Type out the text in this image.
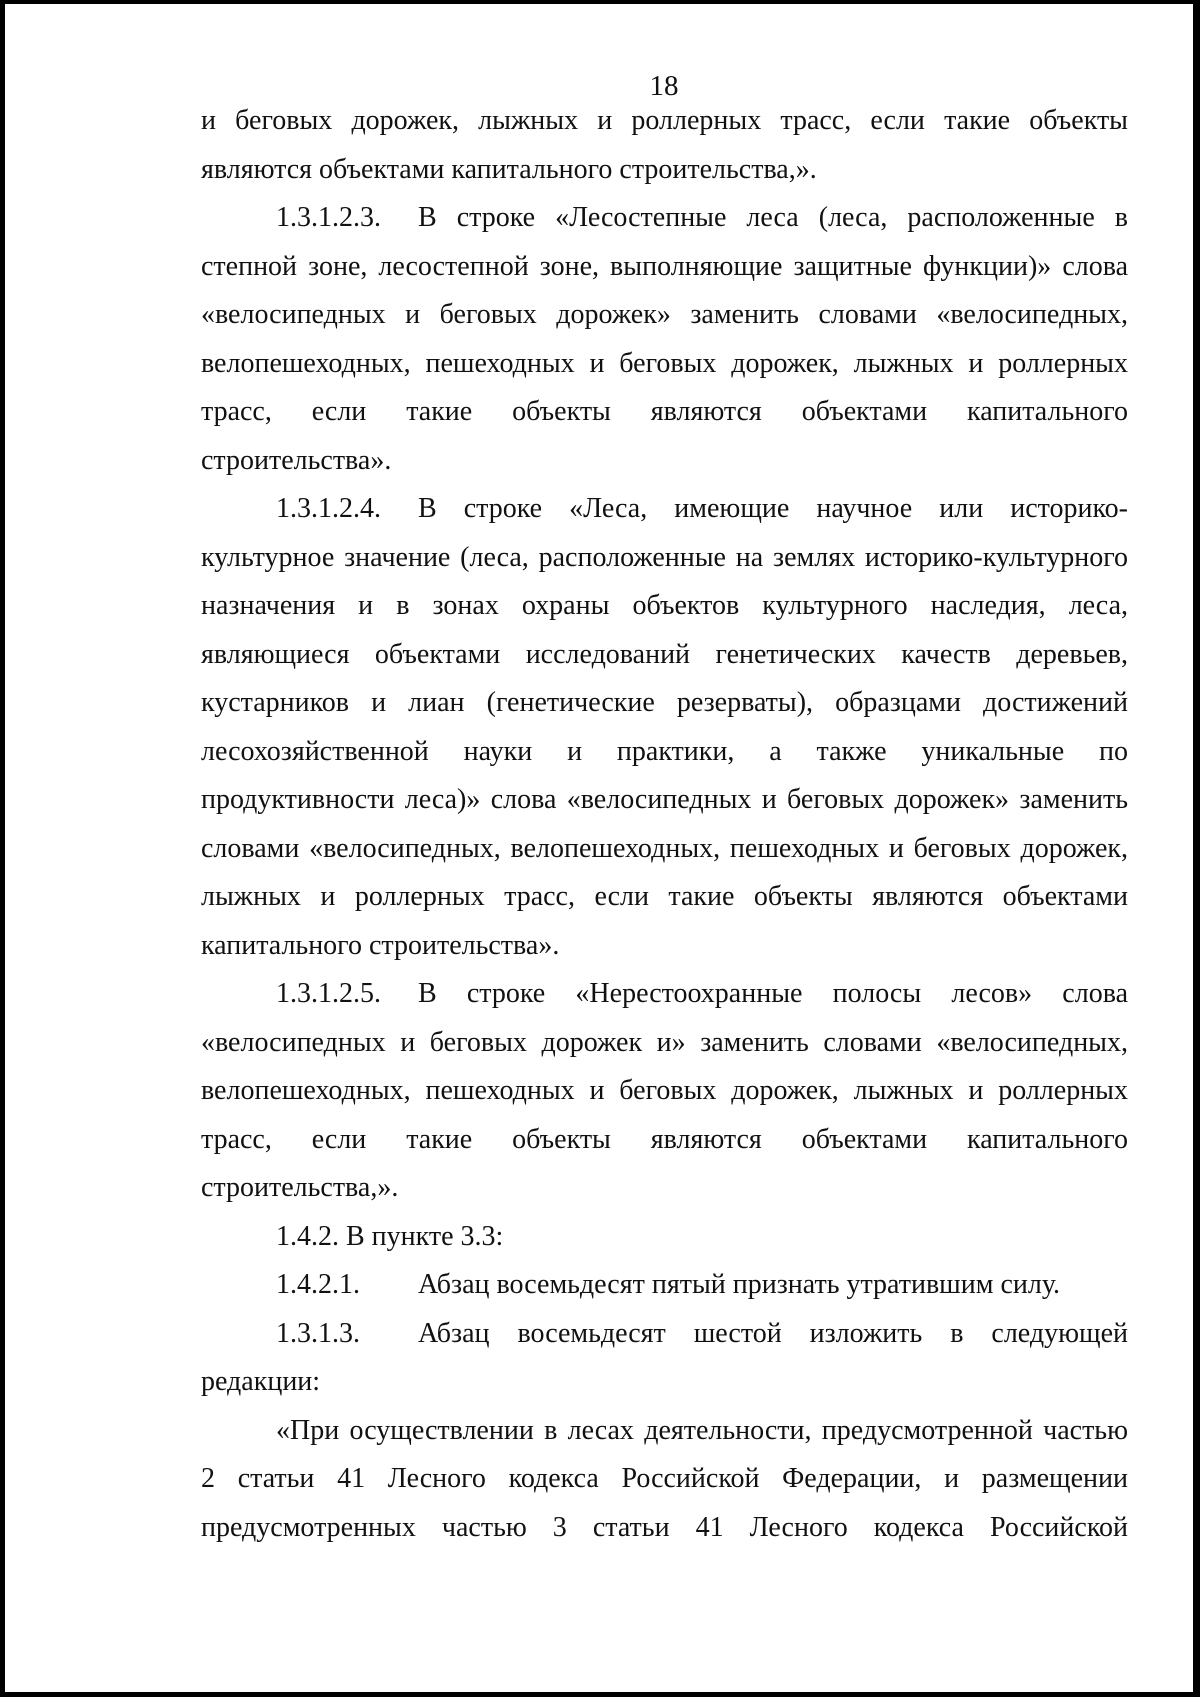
18
и беговых дорожек, лыжных и роллерных трасс, если такие объекты
являются объектами капитального строительства,».
1.3.1.2.3.	В строке «Лесостепные леса (леса, расположенные в
степной зоне, лесостепной зоне, выполняющие защитные функции)» слова
«велосипедных и беговых дорожек» заменить словами «велосипедных,
велопешеходных, пешеходных и беговых дорожек, лыжных и роллерных
трасс, если такие объекты являются объектами капитального
строительства».
1.3.1.2.4.	В строке «Леса, имеющие научное или историко-
культурное значение (леса, расположенные на землях историко-культурного
назначения и в зонах охраны объектов культурного наследия, леса,
являющиеся объектами исследований генетических качеств деревьев,
кустарников и лиан (генетические резерваты), образцами достижений
лесохозяйственной науки и практики, а также уникальные по
продуктивности леса)» слова «велосипедных и беговых дорожек» заменить
словами «велосипедных, велопешеходных, пешеходных и беговых дорожек,
лыжных и роллерных трасс, если такие объекты являются объектами
капитального строительства».
1.3.1.2.5.	В строке «Нерестоохранные полосы лесов» слова
«велосипедных и беговых дорожек и» заменить словами «велосипедных,
велопешеходных, пешеходных и беговых дорожек, лыжных и роллерных
трасс, если такие объекты являются объектами капитального
строительства,».
1.4.2. В пункте 3.3:
1.4.2.1.	Абзац восемьдесят пятый признать утратившим силу.
1.3.1.3.	Абзац восемьдесят шестой изложить в следующей
редакции:
«При осуществлении в лесах деятельности, предусмотренной частью
2 статьи 41 Лесного кодекса Российской Федерации, и размещении
предусмотренных частью 3 статьи 41 Лесного кодекса Российской
